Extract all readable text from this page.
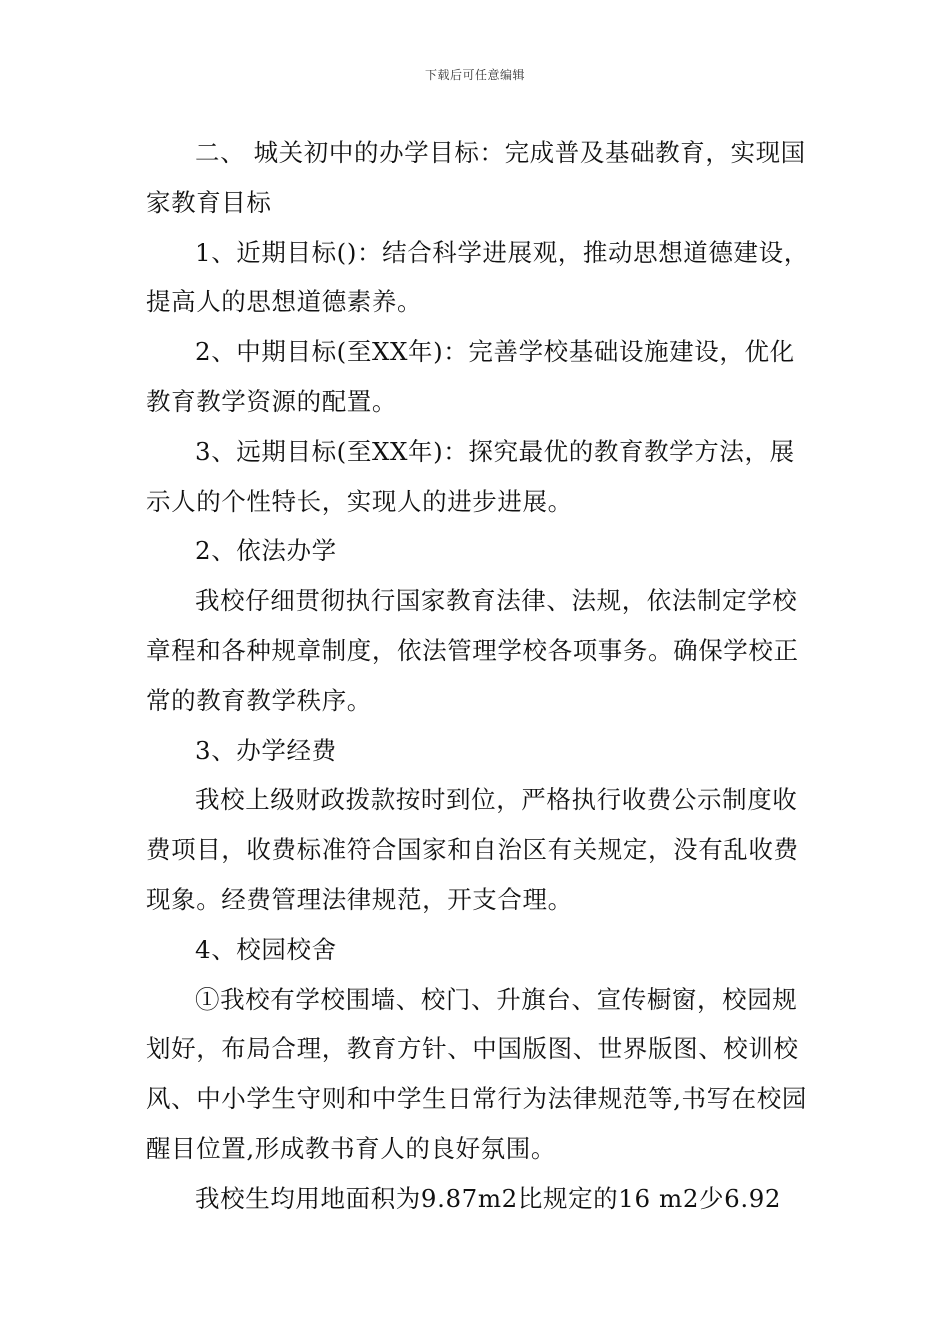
下载后可任意编辑

二、 城关初中的办学目标：完成普及基础教育，实现国家教育目标

1、近期目标()：结合科学进展观，推动思想道德建设，提高人的思想道德素养。

2、中期目标(至XX年)：完善学校基础设施建设，优化教育教学资源的配置。

3、远期目标(至XX年)：探究最优的教育教学方法，展示人的个性特长，实现人的进步进展。

2、依法办学

我校仔细贯彻执行国家教育法律、法规，依法制定学校章程和各种规章制度，依法管理学校各项事务。确保学校正常的教育教学秩序。

3、办学经费

我校上级财政拨款按时到位，严格执行收费公示制度收费项目，收费标准符合国家和自治区有关规定，没有乱收费现象。经费管理法律规范，开支合理。

4、校园校舍

①我校有学校围墙、校门、升旗台、宣传橱窗，校园规划好，布局合理，教育方针、中国版图、世界版图、校训校风、中小学生守则和中学生日常行为法律规范等,书写在校园醒目位置,形成教书育人的良好氛围。

我校生均用地面积为9.87m2比规定的16 m2少6.92
